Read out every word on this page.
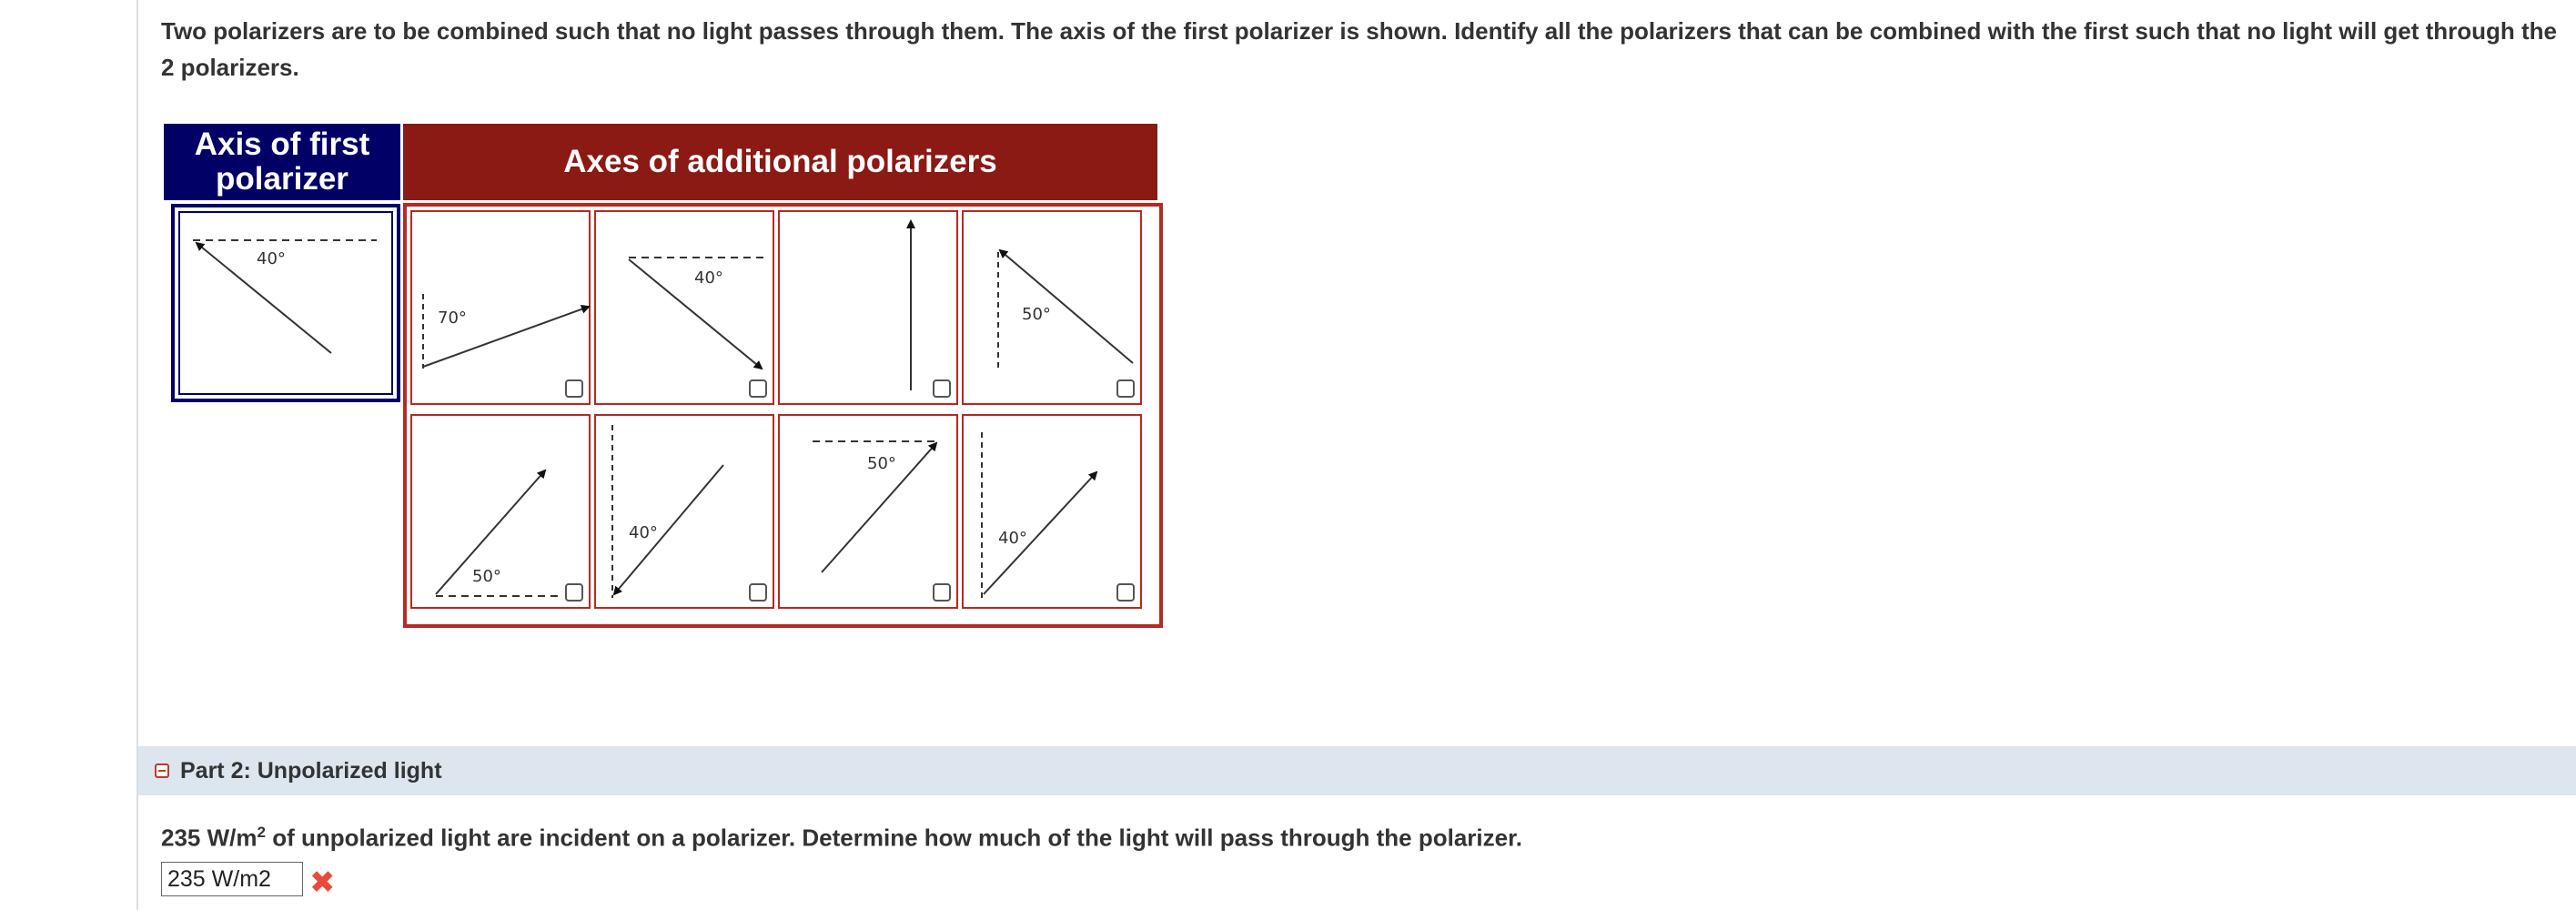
Two polarizers are to be combined such that no light passes through them. The axis of the first polarizer is shown. Identify all the polarizers that can be combined with the first such that no light will get through the 2 polarizers.
Axis of first polarizer	Axes of additional polarizers
40°
70°
40°
50°
50°
40°
50°
40°
Part 2: Unpolarized light
235 $W/m^2$ of unpolarized light are incident on a polarizer. Determine how much of the light will pass through the polarizer.
235 W/m2
✖
